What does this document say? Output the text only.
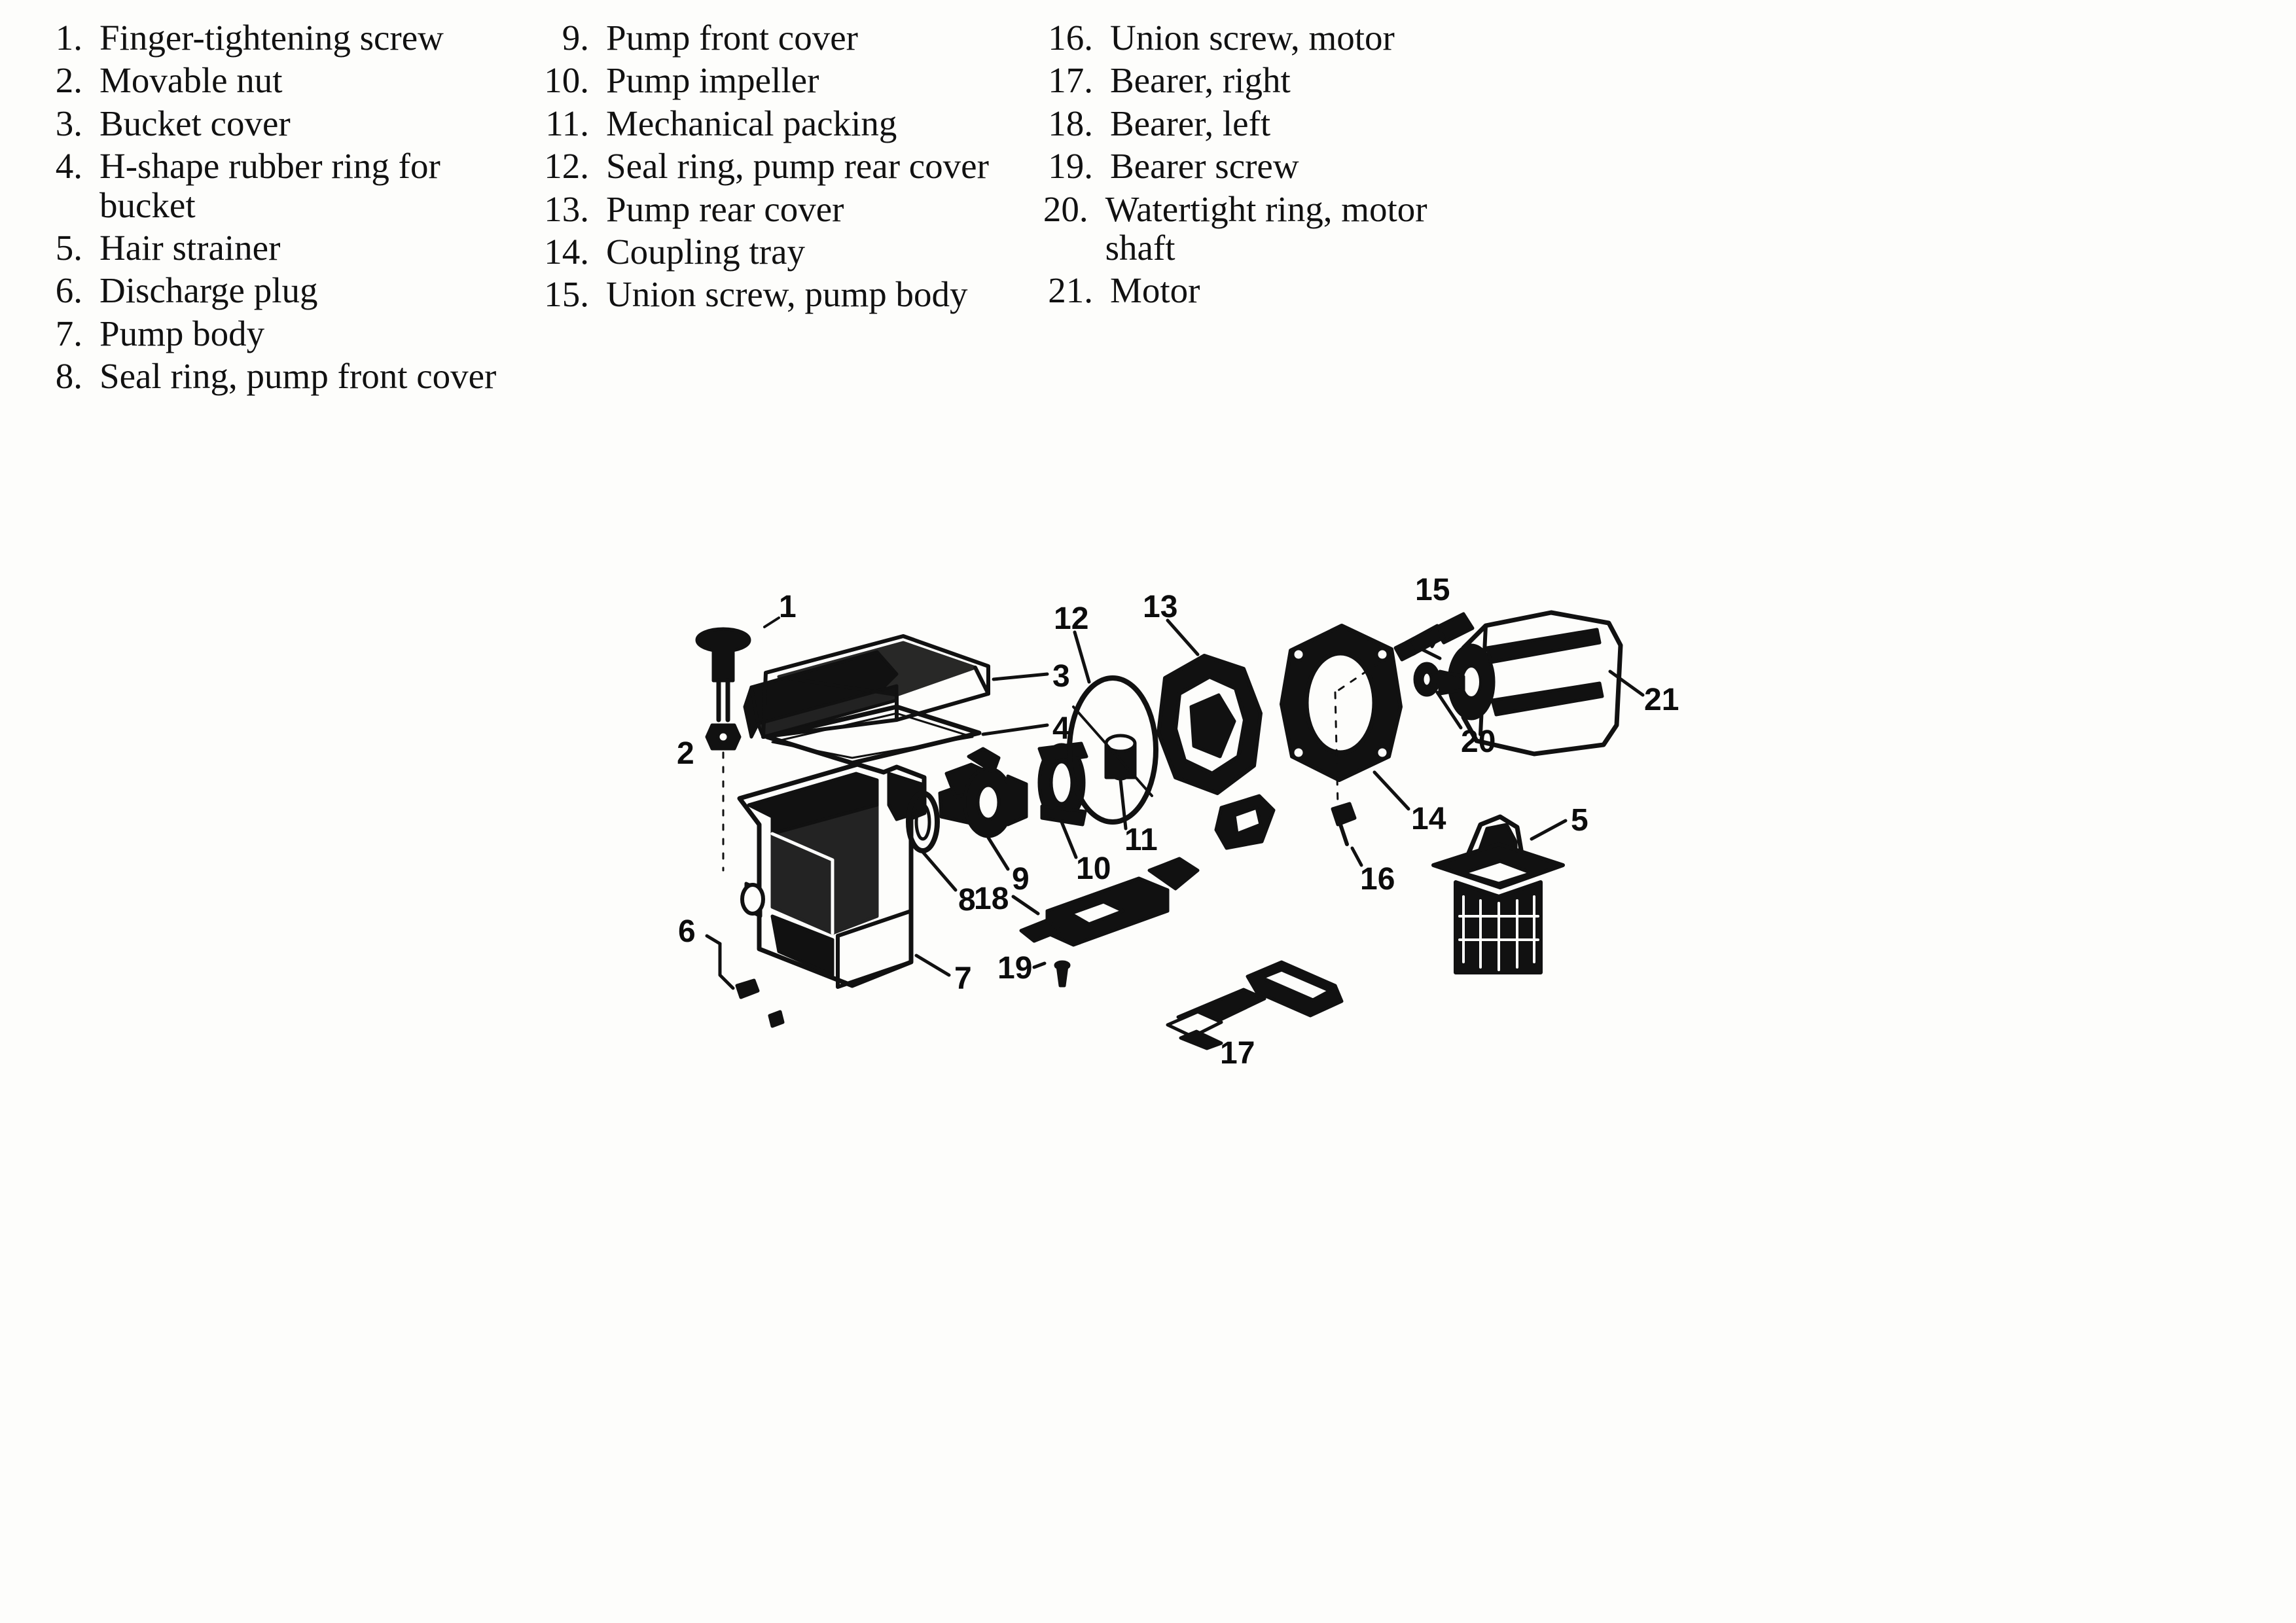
1. Finger-tightening screw
2. Movable nut
3. Bucket cover
4. H-shape rubber ring for bucket
5. Hair strainer
6. Discharge plug
7. Pump body
8. Seal ring, pump front cover
9. Pump front cover
10. Pump impeller
11. Mechanical packing
12. Seal ring, pump rear cover
13. Pump rear cover
14. Coupling tray
15. Union screw, pump body
16. Union screw, motor
17. Bearer, right
18. Bearer, left
19. Bearer screw
20. Watertight ring, motor shaft
21. Motor
1
2
3
4
5
6
7
8
9 10
11
12 13
14
15
16
17
18
19
20
21
